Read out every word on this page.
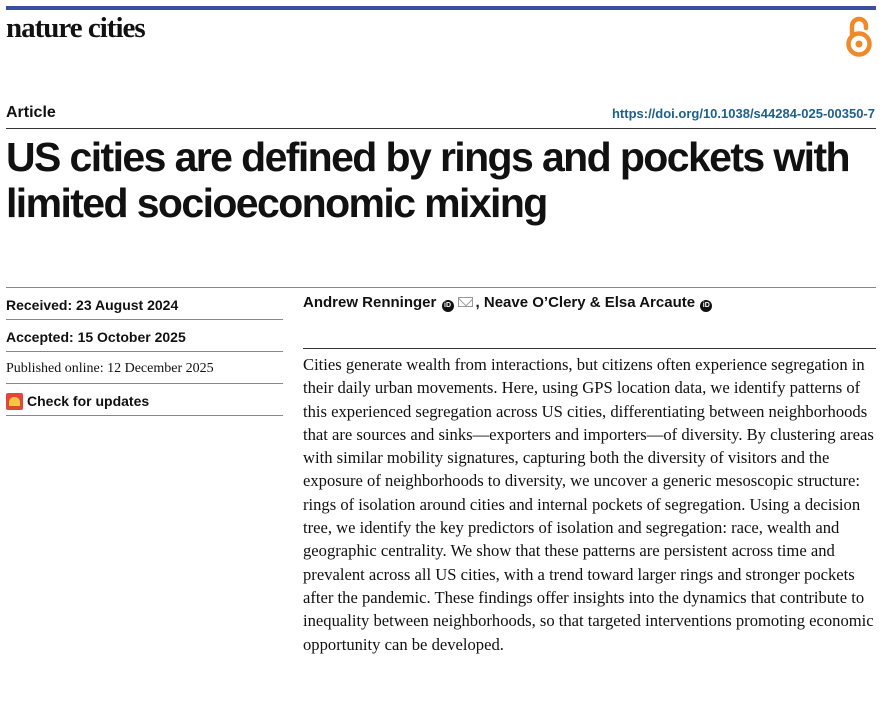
nature cities
Article	https://doi.org/10.1038/s44284-025-00350-7
US cities are defined by rings and pockets with limited socioeconomic mixing
Received: 23 August 2024
Accepted: 15 October 2025
Published online: 12 December 2025
Check for updates
Andrew Renninger iD , Neave O’Clery & Elsa Arcaute iD

Cities generate wealth from interactions, but citizens often experience segregation in their daily urban movements. Here, using GPS location data, we identify patterns of this experienced segregation across US cities, differentiating between neighborhoods that are sources and sinks—exporters and importers—of diversity. By clustering areas with similar mobility signatures, capturing both the diversity of visitors and the exposure of neighborhoods to diversity, we uncover a generic mesoscopic structure: rings of isolation around cities and internal pockets of segregation. Using a decision tree, we identify the key predictors of isolation and segregation: race, wealth and geographic centrality. We show that these patterns are persistent across time and prevalent across all US cities, with a trend toward larger rings and stronger pockets after the pandemic. These findings offer insights into the dynamics that contribute to inequality between neighborhoods, so that targeted interventions promoting economic opportunity can be developed.
